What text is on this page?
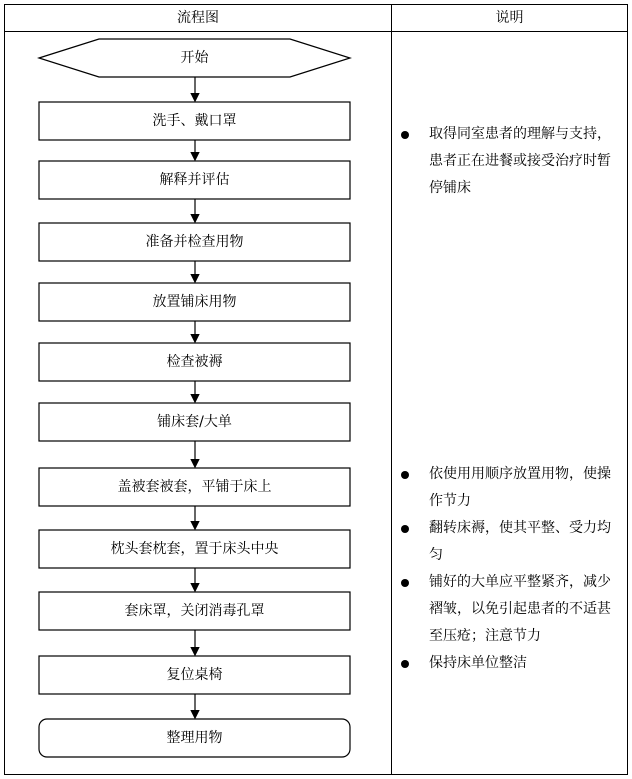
流程图	说明
开始
洗手、戴口罩
解释并评估
准备并检查用物
放置铺床用物
检查被褥
铺床套/大单
盖被套被套，平铺于床上
枕头套枕套，置于床头中央
套床罩，关闭消毒孔罩
复位桌椅
整理用物

取得同室患者的理解与支持，患者正在进餐或接受治疗时暂停铺床

依使用用顺序放置用物，使操作节力

翻转床褥，使其平整、受力均匀

铺好的大单应平整紧齐，减少褶皱，以免引起患者的不适甚至压疮；注意节力

保持床单位整洁
